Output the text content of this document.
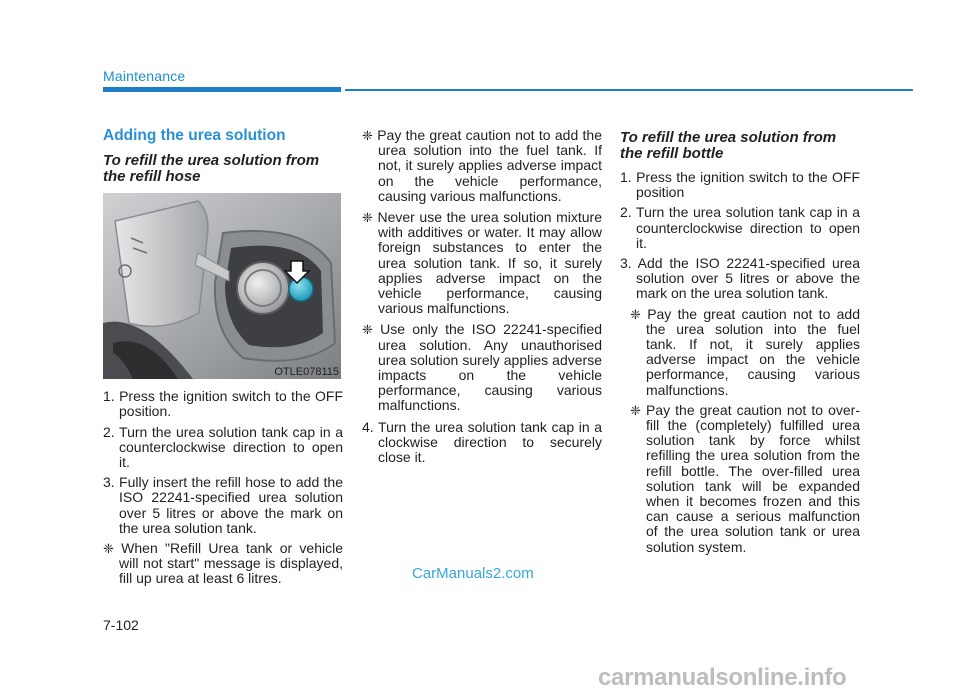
Maintenance
Adding the urea solution
To refill the urea solution from the refill hose
OTLE078115
1. Press the ignition switch to the OFF position.
2. Turn the urea solution tank cap in a counterclockwise direction to open it.
3. Fully insert the refill hose to add the ISO 22241-specified urea solution over 5 litres or above the mark on the urea solution tank.
❈ When "Refill Urea tank or vehicle will not start" message is displayed, fill up urea at least 6 litres.
❈ Pay the great caution not to add the urea solution into the fuel tank. If not, it surely applies adverse impact on the vehicle performance, causing various malfunctions.
❈ Never use the urea solution mixture with additives or water. It may allow foreign substances to enter the urea solution tank. If so, it surely applies adverse impact on the vehicle performance, causing various malfunctions.
❈ Use only the ISO 22241-specified urea solution. Any unauthorised urea solution surely applies adverse impacts on the vehicle performance, causing various malfunctions.
4. Turn the urea solution tank cap in a clockwise direction to securely close it.
To refill the urea solution from the refill bottle
1. Press the ignition switch to the OFF position
2. Turn the urea solution tank cap in a counterclockwise direction to open it.
3. Add the ISO 22241-specified urea solution over 5 litres or above the mark on the urea solution tank.
❈ Pay the great caution not to add the urea solution into the fuel tank. If not, it surely applies adverse impact on the vehicle performance, causing various malfunctions.
❈ Pay the great caution not to over-fill the (completely) fulfilled urea solution tank by force whilst refilling the urea solution from the refill bottle. The over-filled urea solution tank will be expanded when it becomes frozen and this can cause a serious malfunction of the urea solution tank or urea solution system.
7-102
CarManuals2.com
carmanualsonline.info
